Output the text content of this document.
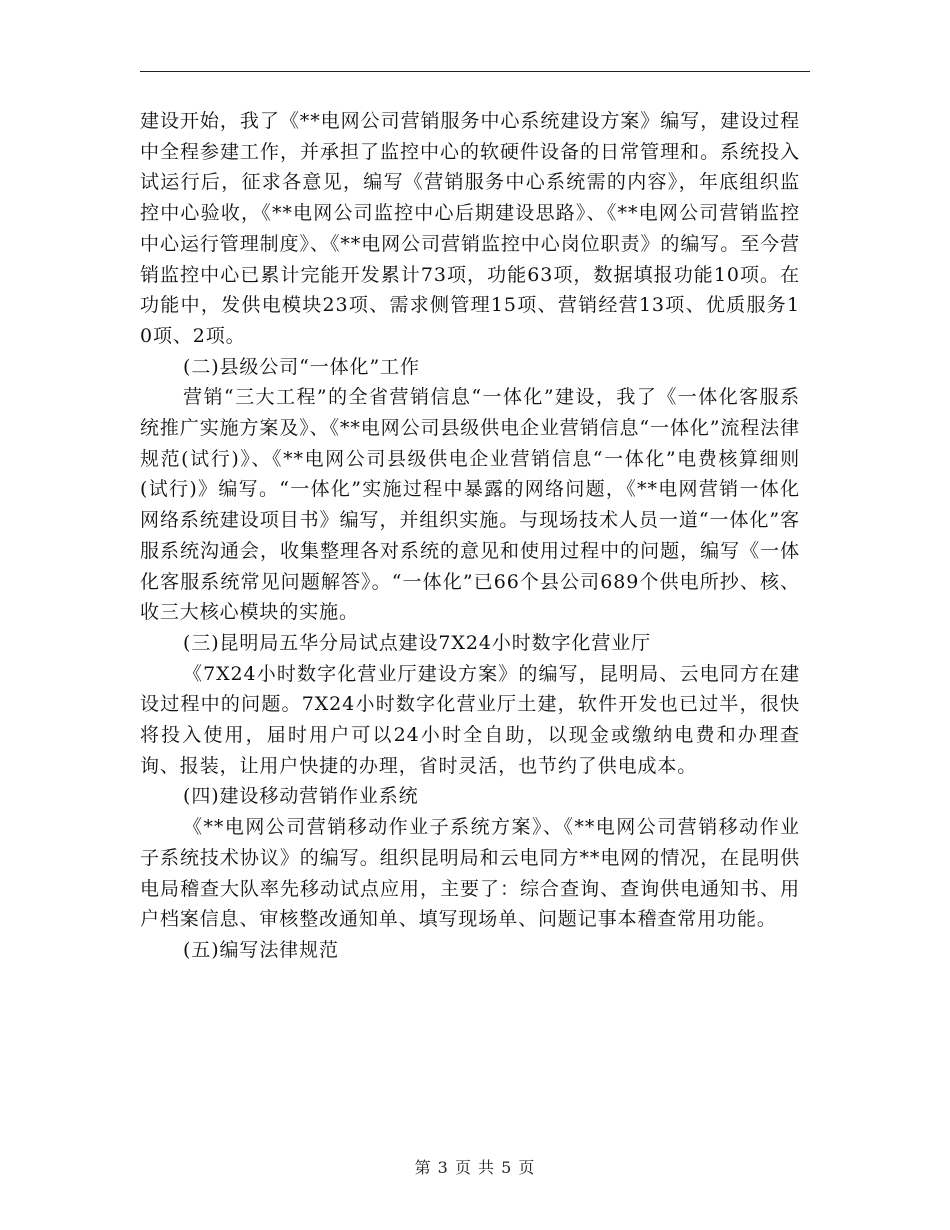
建设开始，我了《**电网公司营销服务中心系统建设方案》编写，建设过程中全程参建工作，并承担了监控中心的软硬件设备的日常管理和。系统投入试运行后，征求各意见，编写《营销服务中心系统需的内容》，年底组织监控中心验收，《**电网公司监控中心后期建设思路》、《**电网公司营销监控中心运行管理制度》、《**电网公司营销监控中心岗位职责》的编写。至今营销监控中心已累计完能开发累计73项，功能63项，数据填报功能10项。在功能中，发供电模块23项、需求侧管理15项、营销经营13项、优质服务10项、2项。

(二)县级公司“一体化”工作

营销“三大工程”的全省营销信息“一体化”建设，我了《一体化客服系统推广实施方案及》、《**电网公司县级供电企业营销信息“一体化”流程法律规范(试行)》、《**电网公司县级供电企业营销信息“一体化”电费核算细则(试行)》编写。“一体化”实施过程中暴露的网络问题，《**电网营销一体化网络系统建设项目书》编写，并组织实施。与现场技术人员一道“一体化”客服系统沟通会，收集整理各对系统的意见和使用过程中的问题，编写《一体化客服系统常见问题解答》。“一体化”已66个县公司689个供电所抄、核、收三大核心模块的实施。

(三)昆明局五华分局试点建设7X24小时数字化营业厅

《7X24小时数字化营业厅建设方案》的编写，昆明局、云电同方在建设过程中的问题。7X24小时数字化营业厅土建，软件开发也已过半，很快将投入使用，届时用户可以24小时全自助，以现金或缴纳电费和办理查询、报装，让用户快捷的办理，省时灵活，也节约了供电成本。

(四)建设移动营销作业系统

《**电网公司营销移动作业子系统方案》、《**电网公司营销移动作业子系统技术协议》的编写。组织昆明局和云电同方**电网的情况，在昆明供电局稽查大队率先移动试点应用，主要了：综合查询、查询供电通知书、用户档案信息、审核整改通知单、填写现场单、问题记事本稽查常用功能。

(五)编写法律规范

第 3 页 共 5 页
